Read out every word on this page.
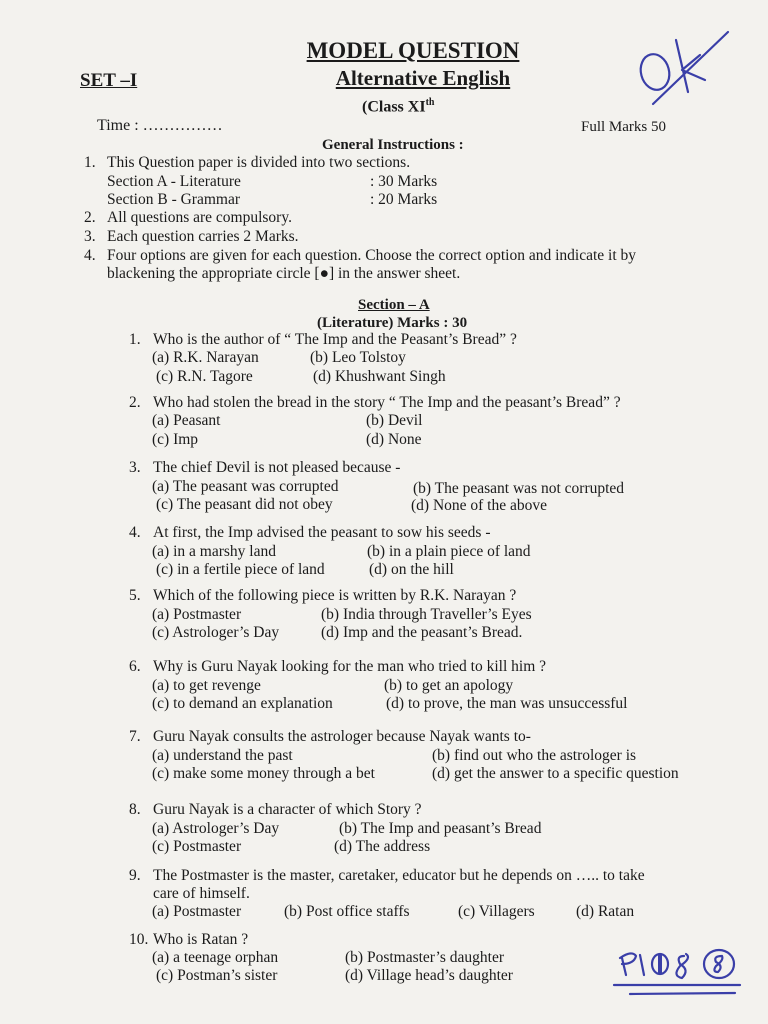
MODEL QUESTION
SET –I	Alternative English
(Class XIth
Time : ……………	Full Marks 50
General Instructions :
1. This Question paper is divided into two sections.
Section A - Literature	: 30 Marks
Section B - Grammar	: 20 Marks
2. All questions are compulsory.
3. Each question carries 2 Marks.
4. Four options are given for each question. Choose the correct option and indicate it by
blackening the appropriate circle [●] in the answer sheet.
Section – A
(Literature) Marks : 30
1. Who is the author of “ The Imp and the Peasant’s Bread” ?
(a) R.K. Narayan	(b) Leo Tolstoy
(c) R.N. Tagore	(d) Khushwant Singh
2. Who had stolen the bread in the story “ The Imp and the peasant’s Bread” ?
(a) Peasant	(b) Devil
(c) Imp	(d) None
3. The chief Devil is not pleased because -
(a) The peasant was corrupted	(b) The peasant was not corrupted
(c) The peasant did not obey	(d) None of the above
4. At first, the Imp advised the peasant to sow his seeds -
(a) in a marshy land	(b) in a plain piece of land
(c) in a fertile piece of land	(d) on the hill
5. Which of the following piece is written by R.K. Narayan ?
(a) Postmaster	(b) India through Traveller’s Eyes
(c) Astrologer’s Day	(d) Imp and the peasant’s Bread.
6. Why is Guru Nayak looking for the man who tried to kill him ?
(a) to get revenge	(b) to get an apology
(c) to demand an explanation	(d) to prove, the man was unsuccessful
7. Guru Nayak consults the astrologer because Nayak wants to-
(a) understand the past	(b) find out who the astrologer is
(c) make some money through a bet	(d) get the answer to a specific question
8. Guru Nayak is a character of which Story ?
(a) Astrologer’s Day	(b) The Imp and peasant’s Bread
(c) Postmaster	(d) The address
9. The Postmaster is the master, caretaker, educator but he depends on ….. to take
care of himself.
(a) Postmaster	(b) Post office staffs	(c) Villagers	(d) Ratan
10. Who is Ratan ?
(a) a teenage orphan	(b) Postmaster’s daughter
(c) Postman’s sister	(d) Village head’s daughter
